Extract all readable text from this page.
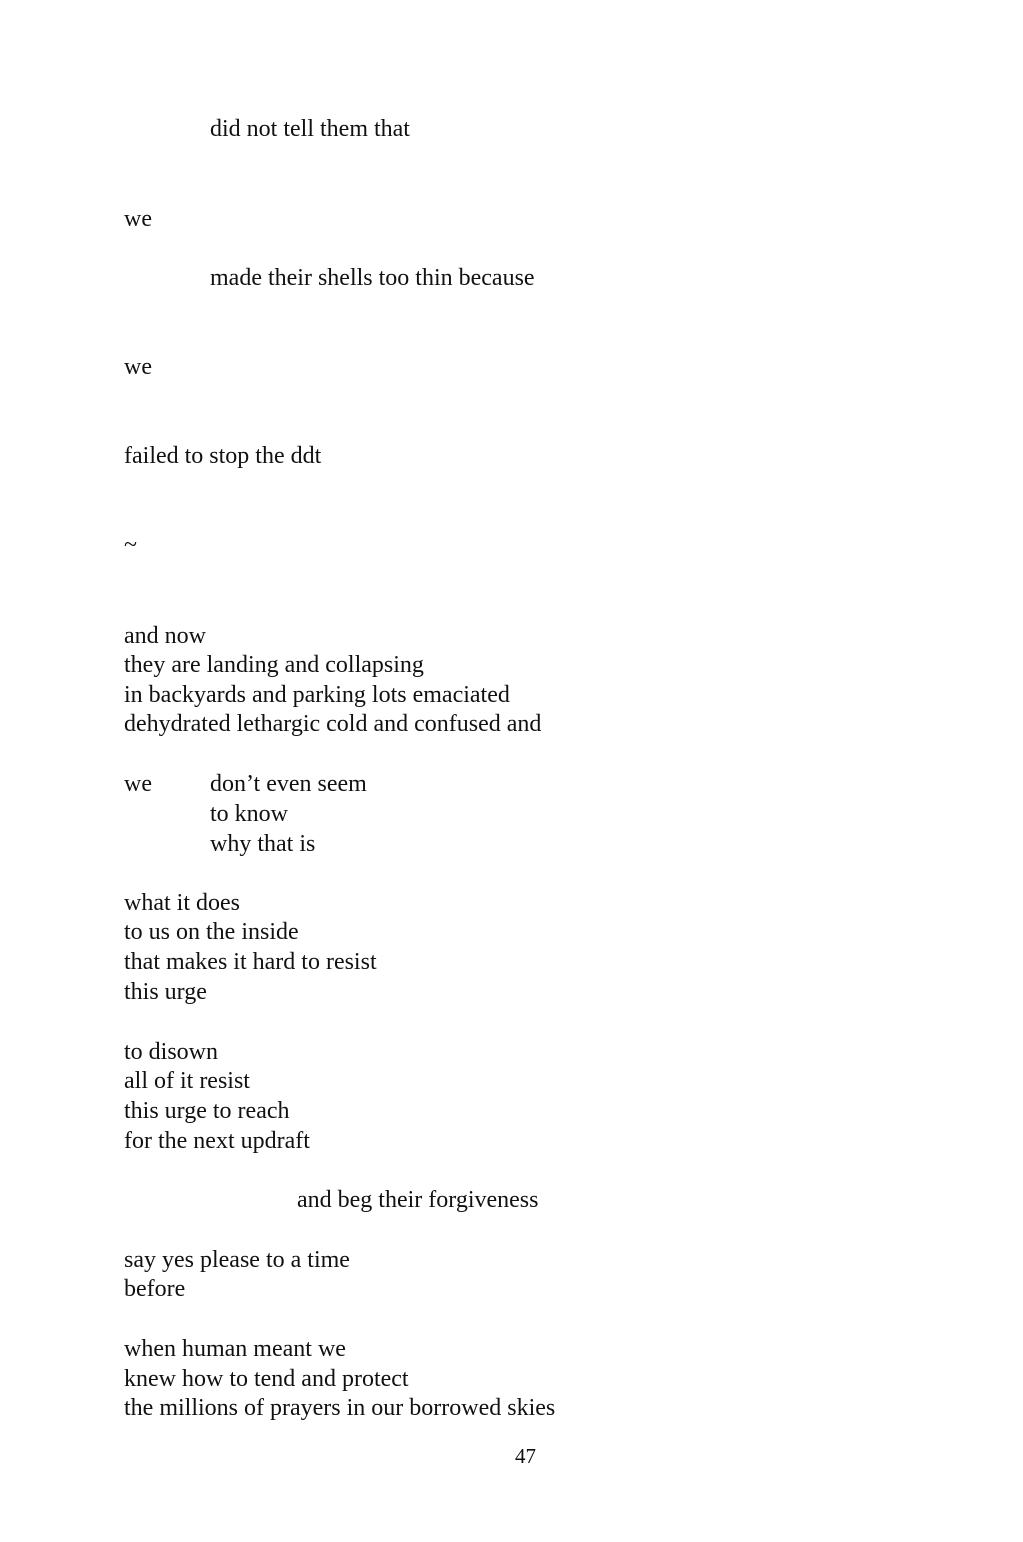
did not tell them that
we
made their shells too thin because
we
failed to stop the ddt
~
and now
they are landing and collapsing
in backyards and parking lots emaciated
dehydrated lethargic cold and confused and
we don’t even seem
to know
why that is
what it does
to us on the inside
that makes it hard to resist
this urge
to disown
all of it resist
this urge to reach
for the next updraft
and beg their forgiveness
say yes please to a time
before
when human meant we
knew how to tend and protect
the millions of prayers in our borrowed skies
47
